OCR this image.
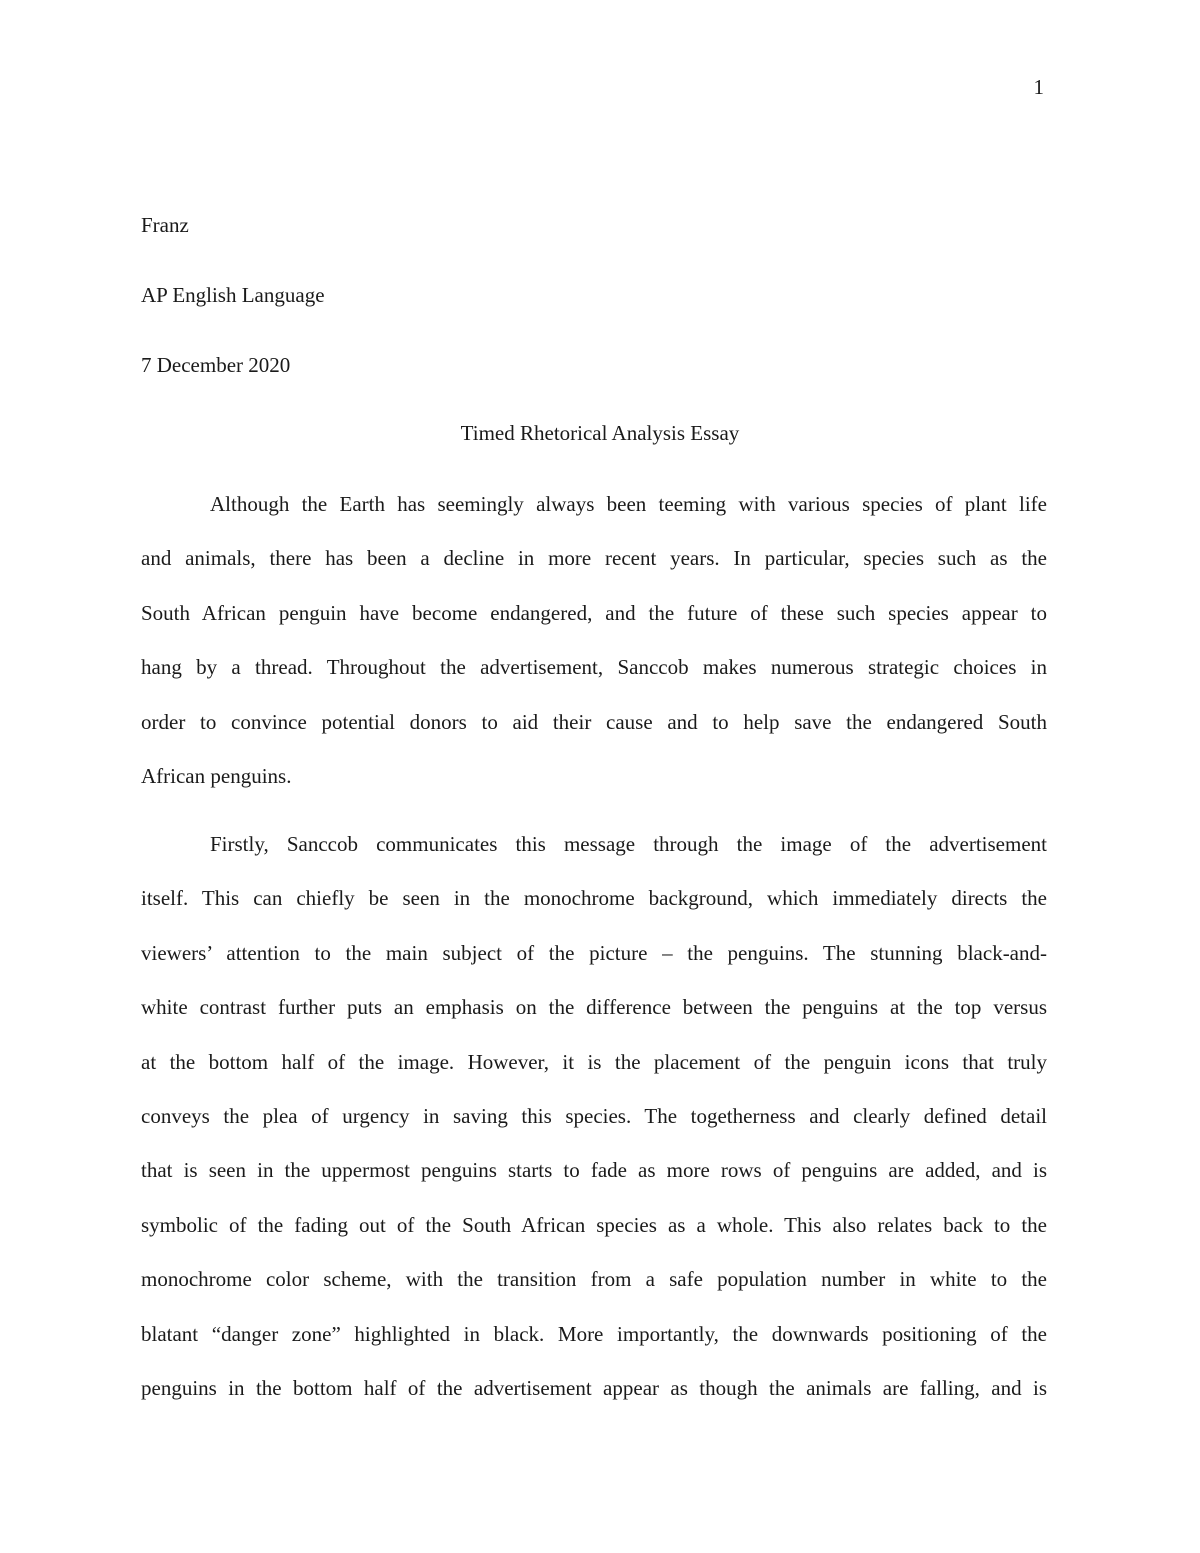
1
Franz
AP English Language
7 December 2020
Timed Rhetorical Analysis Essay
Although the Earth has seemingly always been teeming with various species of plant life
and animals, there has been a decline in more recent years. In particular, species such as the
South African penguin have become endangered, and the future of these such species appear to
hang by a thread. Throughout the advertisement, Sanccob makes numerous strategic choices in
order to convince potential donors to aid their cause and to help save the endangered South
African penguins.
Firstly, Sanccob communicates this message through the image of the advertisement
itself. This can chiefly be seen in the monochrome background, which immediately directs the
viewers’ attention to the main subject of the picture – the penguins. The stunning black-and-
white contrast further puts an emphasis on the difference between the penguins at the top versus
at the bottom half of the image. However, it is the placement of the penguin icons that truly
conveys the plea of urgency in saving this species. The togetherness and clearly defined detail
that is seen in the uppermost penguins starts to fade as more rows of penguins are added, and is
symbolic of the fading out of the South African species as a whole. This also relates back to the
monochrome color scheme, with the transition from a safe population number in white to the
blatant “danger zone” highlighted in black. More importantly, the downwards positioning of the
penguins in the bottom half of the advertisement appear as though the animals are falling, and is
